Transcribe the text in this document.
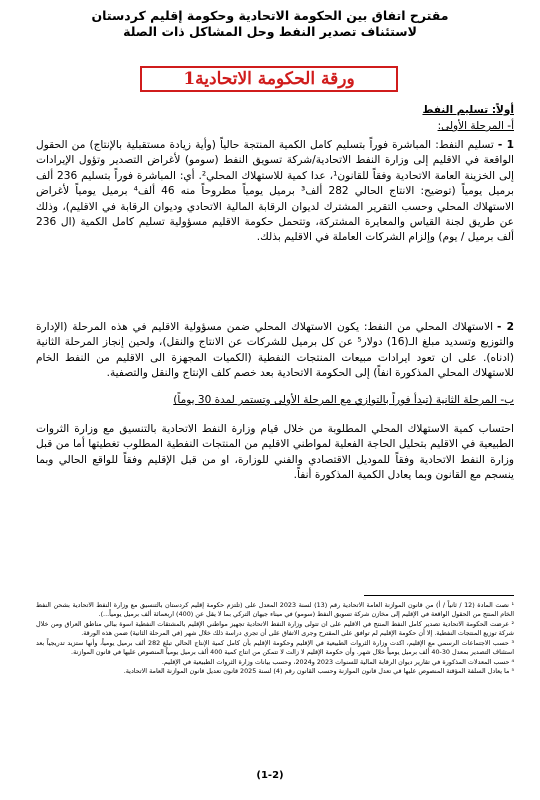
مقترح اتفاق بين الحكومة الاتحادية وحكومة إقليم كردستان
لاستئناف تصدير النفط وحل المشاكل ذات الصلة
ورقة الحكومة الاتحادية1
أولاً: تسليم النفط
أ- المرحلة الأولى:
1 -تسليم النفط: المباشرة فوراً بتسليم كامل الكمية المنتجة حالياً (وأية زيادة مستقبلية بالإنتاج) من الحقول الواقعة في الاقليم إلى وزارة النفط الاتحادية/شركة تسويق النفط (سومو) لأغراض التصدير وتؤول الإيرادات إلى الخزينة العامة الاتحادية وفقاً للقانون¹، عدا كمية للاستهلاك المحلي². أي: المباشرة فوراً بتسليم 236 ألف برميل يومياً (توضيح: الانتاج الحالي 282 ألف³ برميل يومياً مطروحاً منه 46 ألف⁴ برميل يومياً لأغراض الاستهلاك المحلي وحسب التقرير المشترك لديوان الرقابة المالية الاتحادي وديوان الرقابة في الاقليم)، وذلك عن طريق لجنة القياس والمعايرة المشتركة، وتتحمل حكومة الاقليم مسؤولية تسليم كامل الكمية (ال 236 ألف برميل / يوم) وإلزام الشركات العاملة في الاقليم بذلك.
2 -الاستهلاك المحلي من النفط: يكون الاستهلاك المحلي ضمن مسؤولية الاقليم في هذه المرحلة (الإدارة والتوزيع وتسديد مبلغ الـ(16) دولار⁵ عن كل برميل للشركات عن الانتاج والنقل)، ولحين إنجاز المرحلة الثانية (ادناه). على ان تعود ايرادات مبيعات المنتجات النفطية (الكميات المجهزة الى الاقليم من النفط الخام للاستهلاك المحلي المذكورة انفاً) إلى الحكومة الاتحادية بعد خصم كلف الإنتاج والنقل والتصفية.
ب- المرحلة الثانية (تبدأ فوراً بالتوازي مع المرحلة الأولى وتستمر لمدة 30 يوماً)
احتساب كمية الاستهلاك المحلي المطلوبة من خلال قيام وزارة النفط الاتحادية بالتنسيق مع وزارة الثروات الطبيعية في الاقليم بتحليل الحاجة الفعلية لمواطني الاقليم من المنتجات النفطية المطلوب تغطيتها أما من قبل وزارة النفط الاتحادية وفقاً للموديل الاقتصادي والفني للوزارة، او من قبل الإقليم وفقاً للواقع الحالي وبما ينسجم مع القانون وبما يعادل الكمية المذكورة أنفاً.

¹ نصت المادة (12 / ثانياً / أ) من قانون الموازنة العامة الاتحادية رقم (13) لسنة 2023 المعدل على (تلتزم حكومة إقليم كردستان بالتنسيق مع وزارة النفط الاتحادية بشحن النفط الخام المنتج من الحقول الواقعة في الإقليم إلى مخازن شركة تسويق النفط (سومو) في ميناء جيهان التركي بما لا يقل عن (400) اربعمائة ألف برميل يومياً...).

² عرضت الحكومة الاتحادية تصدير كامل النفط المنتج في الاقليم على ان تتولى وزارة النفط الاتحادية تجهيز مواطني الإقليم بالمشتقات النفطية اسوة ببالي مناطق العراق ومن خلال شركة توزيع المنتجات النفطية. إلا أن حكومة الإقليم لم توافق على المقترح وجرى الاتفاق على أن تجري دراسة ذلك خلال شهر (في المرحلة الثانية) ضمن هذه الورقة.

³ حسب الاجتماعات الرسمي مع الإقليم، اكدت وزارة الثروات الطبيعية في الإقليم وحكومة الإقليم بأن كامل كمية الإنتاج الحالي تبلغ 282 ألف برميل يومياً، وأنها ستزيد تدريجياً بعد استئناف التصدير بمعدل 30-40 ألف برميل يومياً خلال شهر. وأن حكومة الإقليم لا زالت لا تتمكن من انتاج كمية 400 ألف برميل يومياً المنصوص عليها في قانون الموازنة.

⁴ حسب المعدلات المذكورة في تقارير ديوان الرقابة المالية للسنوات 2023 و2024، وحسب بيانات وزارة الثروات الطبيعية في الإقليم.

⁵ ما يعادل السلفة المؤقتة المنصوص عليها في تعدل قانون الموازنة وحسب القانون رقم (4) لسنة 2025 قانون تعديل قانون الموازنة العامة الاتحادية.

(1-2)
